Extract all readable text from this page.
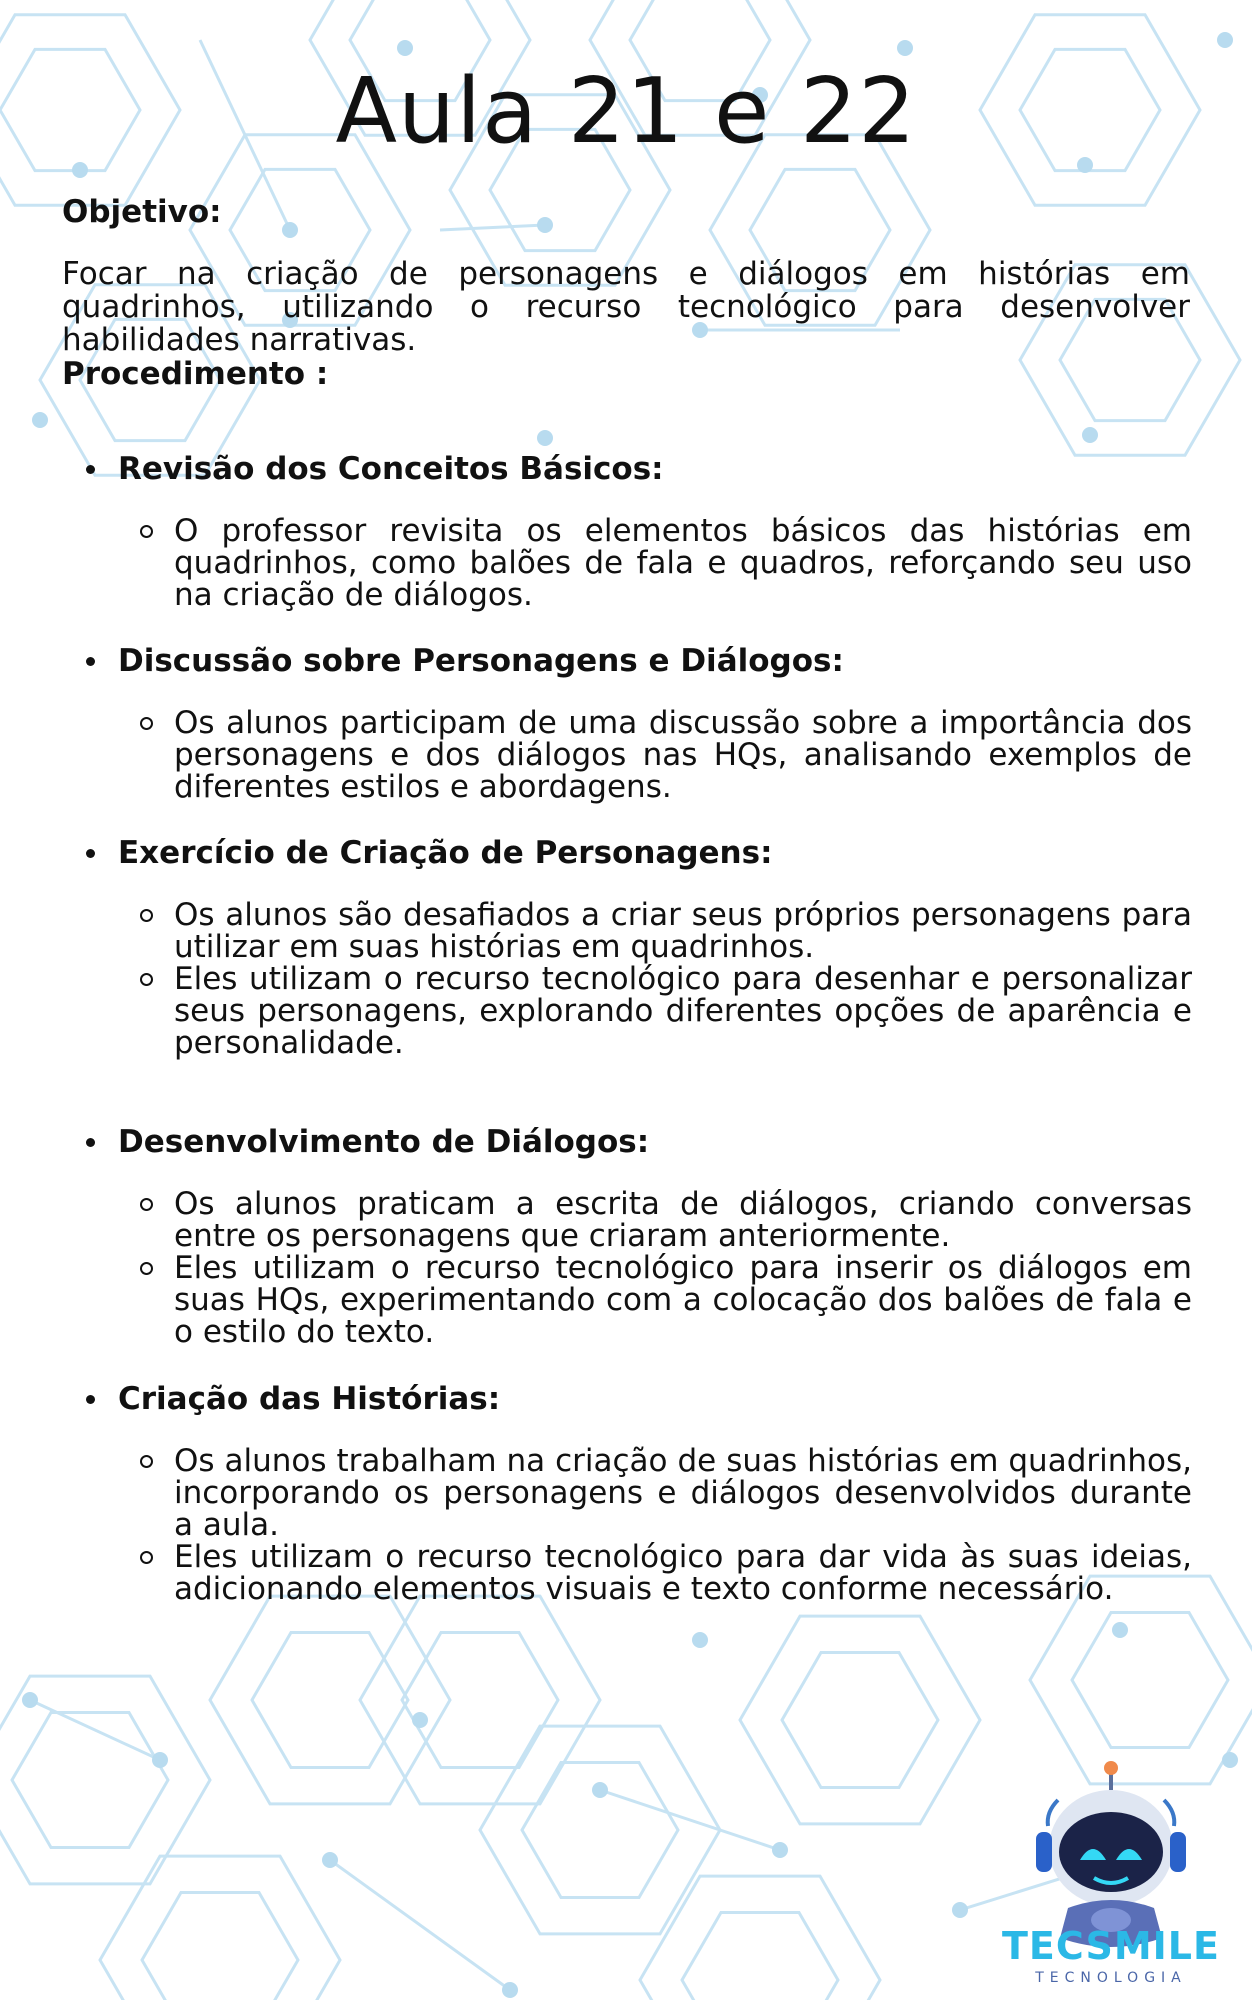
Aula 21 e 22
Objetivo:
Focar na criação de personagens e diálogos em histórias em quadrinhos, utilizando o recurso tecnológico para desenvolver habilidades narrativas.
Procedimento :
Revisão dos Conceitos Básicos:
O professor revisita os elementos básicos das histórias em quadrinhos, como balões de fala e quadros, reforçando seu uso na criação de diálogos.
Discussão sobre Personagens e Diálogos:
Os alunos participam de uma discussão sobre a importância dos personagens e dos diálogos nas HQs, analisando exemplos de diferentes estilos e abordagens.
Exercício de Criação de Personagens:
Os alunos são desafiados a criar seus próprios personagens para utilizar em suas histórias em quadrinhos.
Eles utilizam o recurso tecnológico para desenhar e personalizar seus personagens, explorando diferentes opções de aparência e personalidade.
Desenvolvimento de Diálogos:
Os alunos praticam a escrita de diálogos, criando conversas entre os personagens que criaram anteriormente.
Eles utilizam o recurso tecnológico para inserir os diálogos em suas HQs, experimentando com a colocação dos balões de fala e o estilo do texto.
Criação das Histórias:
Os alunos trabalham na criação de suas histórias em quadrinhos, incorporando os personagens e diálogos desenvolvidos durante a aula.
Eles utilizam o recurso tecnológico para dar vida às suas ideias, adicionando elementos visuais e texto conforme necessário.
TECSMILE
TECNOLOGIA
